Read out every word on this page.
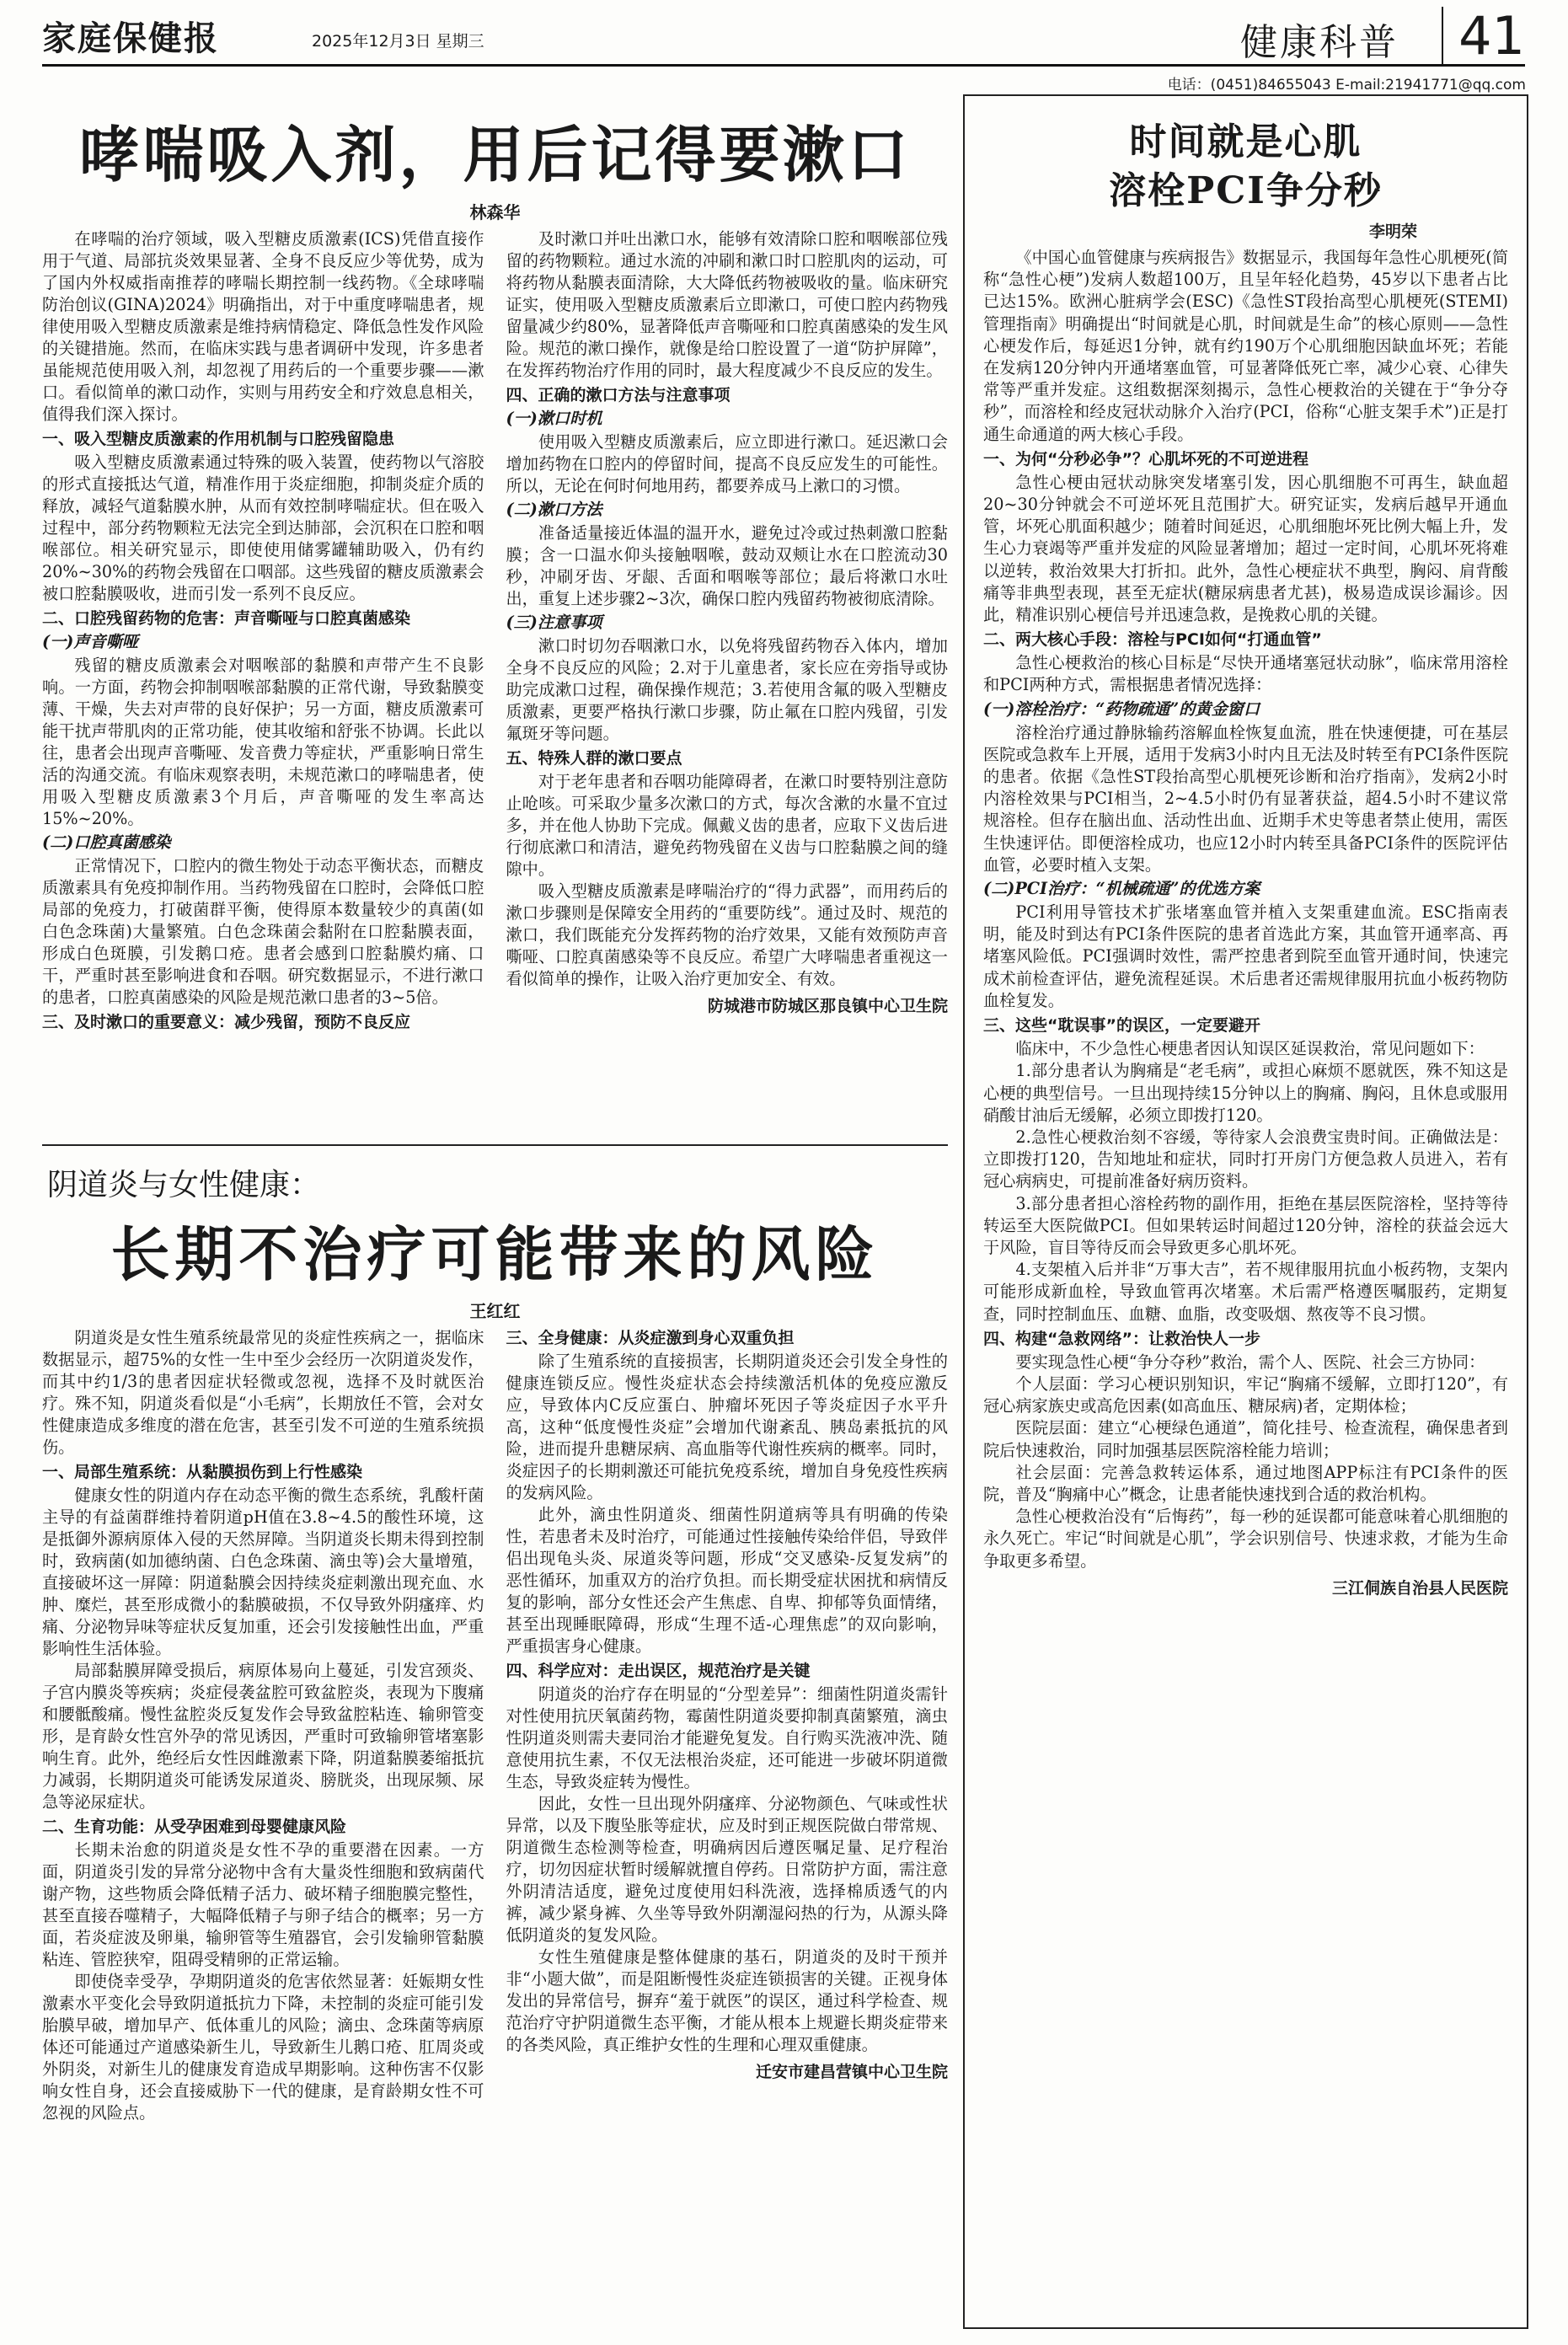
家庭保健报	2025年12月3日 星期三	健康科普	41
电话：(0451)84655043 E-mail:21941771@qq.com
哮喘吸入剂，用后记得要漱口
林森华

在哮喘的治疗领域，吸入型糖皮质激素(ICS)凭借直接作用于气道、局部抗炎效果显著、全身不良反应少等优势，成为了国内外权威指南推荐的哮喘长期控制一线药物。《全球哮喘防治创议(GINA)2024》明确指出，对于中重度哮喘患者，规律使用吸入型糖皮质激素是维持病情稳定、降低急性发作风险的关键措施。然而，在临床实践与患者调研中发现，许多患者虽能规范使用吸入剂，却忽视了用药后的一个重要步骤——漱口。看似简单的漱口动作，实则与用药安全和疗效息息相关，值得我们深入探讨。

一、吸入型糖皮质激素的作用机制与口腔残留隐患

吸入型糖皮质激素通过特殊的吸入装置，使药物以气溶胶的形式直接抵达气道，精准作用于炎症细胞，抑制炎症介质的释放，减轻气道黏膜水肿，从而有效控制哮喘症状。但在吸入过程中，部分药物颗粒无法完全到达肺部，会沉积在口腔和咽喉部位。相关研究显示，即使使用储雾罐辅助吸入，仍有约20%~30%的药物会残留在口咽部。这些残留的糖皮质激素会被口腔黏膜吸收，进而引发一系列不良反应。

二、口腔残留药物的危害：声音嘶哑与口腔真菌感染
(一)声音嘶哑

残留的糖皮质激素会对咽喉部的黏膜和声带产生不良影响。一方面，药物会抑制咽喉部黏膜的正常代谢，导致黏膜变薄、干燥，失去对声带的良好保护；另一方面，糖皮质激素可能干扰声带肌肉的正常功能，使其收缩和舒张不协调。长此以往，患者会出现声音嘶哑、发音费力等症状，严重影响日常生活的沟通交流。有临床观察表明，未规范漱口的哮喘患者，使用吸入型糖皮质激素3个月后，声音嘶哑的发生率高达15%~20%。

(二)口腔真菌感染

正常情况下，口腔内的微生物处于动态平衡状态，而糖皮质激素具有免疫抑制作用。当药物残留在口腔时，会降低口腔局部的免疫力，打破菌群平衡，使得原本数量较少的真菌(如白色念珠菌)大量繁殖。白色念珠菌会黏附在口腔黏膜表面，形成白色斑膜，引发鹅口疮。患者会感到口腔黏膜灼痛、口干，严重时甚至影响进食和吞咽。研究数据显示，不进行漱口的患者，口腔真菌感染的风险是规范漱口患者的3~5倍。

三、及时漱口的重要意义：减少残留，预防不良反应

及时漱口并吐出漱口水，能够有效清除口腔和咽喉部位残留的药物颗粒。通过水流的冲刷和漱口时口腔肌肉的运动，可将药物从黏膜表面清除，大大降低药物被吸收的量。临床研究证实，使用吸入型糖皮质激素后立即漱口，可使口腔内药物残留量减少约80%，显著降低声音嘶哑和口腔真菌感染的发生风险。规范的漱口操作，就像是给口腔设置了一道“防护屏障”，在发挥药物治疗作用的同时，最大程度减少不良反应的发生。

四、正确的漱口方法与注意事项
(一)漱口时机

使用吸入型糖皮质激素后，应立即进行漱口。延迟漱口会增加药物在口腔内的停留时间，提高不良反应发生的可能性。所以，无论在何时何地用药，都要养成马上漱口的习惯。

(二)漱口方法

准备适量接近体温的温开水，避免过冷或过热刺激口腔黏膜；含一口温水仰头接触咽喉，鼓动双颊让水在口腔流动30秒，冲刷牙齿、牙龈、舌面和咽喉等部位；最后将漱口水吐出，重复上述步骤2~3次，确保口腔内残留药物被彻底清除。

(三)注意事项

漱口时切勿吞咽漱口水，以免将残留药物吞入体内，增加全身不良反应的风险；2.对于儿童患者，家长应在旁指导或协助完成漱口过程，确保操作规范；3.若使用含氟的吸入型糖皮质激素，更要严格执行漱口步骤，防止氟在口腔内残留，引发氟斑牙等问题。

五、特殊人群的漱口要点

对于老年患者和吞咽功能障碍者，在漱口时要特别注意防止呛咳。可采取少量多次漱口的方式，每次含漱的水量不宜过多，并在他人协助下完成。佩戴义齿的患者，应取下义齿后进行彻底漱口和清洁，避免药物残留在义齿与口腔黏膜之间的缝隙中。

吸入型糖皮质激素是哮喘治疗的“得力武器”，而用药后的漱口步骤则是保障安全用药的“重要防线”。通过及时、规范的漱口，我们既能充分发挥药物的治疗效果，又能有效预防声音嘶哑、口腔真菌感染等不良反应。希望广大哮喘患者重视这一看似简单的操作，让吸入治疗更加安全、有效。

防城港市防城区那良镇中心卫生院
阴道炎与女性健康：
长期不治疗可能带来的风险
王红红

阴道炎是女性生殖系统最常见的炎症性疾病之一，据临床数据显示，超75%的女性一生中至少会经历一次阴道炎发作，而其中约1/3的患者因症状轻微或忽视，选择不及时就医治疗。殊不知，阴道炎看似是“小毛病”，长期放任不管，会对女性健康造成多维度的潜在危害，甚至引发不可逆的生殖系统损伤。

一、局部生殖系统：从黏膜损伤到上行性感染

健康女性的阴道内存在动态平衡的微生态系统，乳酸杆菌主导的有益菌群维持着阴道pH值在3.8~4.5的酸性环境，这是抵御外源病原体入侵的天然屏障。当阴道炎长期未得到控制时，致病菌(如加德纳菌、白色念珠菌、滴虫等)会大量增殖，直接破坏这一屏障：阴道黏膜会因持续炎症刺激出现充血、水肿、糜烂，甚至形成微小的黏膜破损，不仅导致外阴瘙痒、灼痛、分泌物异味等症状反复加重，还会引发接触性出血，严重影响性生活体验。

局部黏膜屏障受损后，病原体易向上蔓延，引发宫颈炎、子宫内膜炎等疾病；炎症侵袭盆腔可致盆腔炎，表现为下腹痛和腰骶酸痛。慢性盆腔炎反复发作会导致盆腔粘连、输卵管变形，是育龄女性宫外孕的常见诱因，严重时可致输卵管堵塞影响生育。此外，绝经后女性因雌激素下降，阴道黏膜萎缩抵抗力减弱，长期阴道炎可能诱发尿道炎、膀胱炎，出现尿频、尿急等泌尿症状。

二、生育功能：从受孕困难到母婴健康风险

长期未治愈的阴道炎是女性不孕的重要潜在因素。一方面，阴道炎引发的异常分泌物中含有大量炎性细胞和致病菌代谢产物，这些物质会降低精子活力、破坏精子细胞膜完整性，甚至直接吞噬精子，大幅降低精子与卵子结合的概率；另一方面，若炎症波及卵巢，输卵管等生殖器官，会引发输卵管黏膜粘连、管腔狭窄，阻碍受精卵的正常运输。

即使侥幸受孕，孕期阴道炎的危害依然显著：妊娠期女性激素水平变化会导致阴道抵抗力下降，未控制的炎症可能引发胎膜早破，增加早产、低体重儿的风险；滴虫、念珠菌等病原体还可能通过产道感染新生儿，导致新生儿鹅口疮、肛周炎或外阴炎，对新生儿的健康发育造成早期影响。这种伤害不仅影响女性自身，还会直接威胁下一代的健康，是育龄期女性不可忽视的风险点。

三、全身健康：从炎症激到身心双重负担

除了生殖系统的直接损害，长期阴道炎还会引发全身性的健康连锁反应。慢性炎症状态会持续激活机体的免疫应激反应，导致体内C反应蛋白、肿瘤坏死因子等炎症因子水平升高，这种“低度慢性炎症”会增加代谢紊乱、胰岛素抵抗的风险，进而提升患糖尿病、高血脂等代谢性疾病的概率。同时，炎症因子的长期刺激还可能抗免疫系统，增加自身免疫性疾病的发病风险。

此外，滴虫性阴道炎、细菌性阴道病等具有明确的传染性，若患者未及时治疗，可能通过性接触传染给伴侣，导致伴侣出现龟头炎、尿道炎等问题，形成“交叉感染-反复发病”的恶性循环，加重双方的治疗负担。而长期受症状困扰和病情反复的影响，部分女性还会产生焦虑、自卑、抑郁等负面情绪，甚至出现睡眠障碍，形成“生理不适-心理焦虑”的双向影响，严重损害身心健康。

四、科学应对：走出误区，规范治疗是关键

阴道炎的治疗存在明显的“分型差异”：细菌性阴道炎需针对性使用抗厌氧菌药物，霉菌性阴道炎要抑制真菌繁殖，滴虫性阴道炎则需夫妻同治才能避免复发。自行购买洗液冲洗、随意使用抗生素，不仅无法根治炎症，还可能进一步破坏阴道微生态，导致炎症转为慢性。

因此，女性一旦出现外阴瘙痒、分泌物颜色、气味或性状异常，以及下腹坠胀等症状，应及时到正规医院做白带常规、阴道微生态检测等检查，明确病因后遵医嘱足量、足疗程治疗，切勿因症状暂时缓解就擅自停药。日常防护方面，需注意外阴清洁适度，避免过度使用妇科洗液，选择棉质透气的内裤，减少紧身裤、久坐等导致外阴潮湿闷热的行为，从源头降低阴道炎的复发风险。

女性生殖健康是整体健康的基石，阴道炎的及时干预并非“小题大做”，而是阻断慢性炎症连锁损害的关键。正视身体发出的异常信号，摒弃“羞于就医”的误区，通过科学检查、规范治疗守护阴道微生态平衡，才能从根本上规避长期炎症带来的各类风险，真正维护女性的生理和心理双重健康。

迁安市建昌营镇中心卫生院
时间就是心肌
溶栓PCI争分秒
李明荣

《中国心血管健康与疾病报告》数据显示，我国每年急性心肌梗死(简称“急性心梗”)发病人数超100万，且呈年轻化趋势，45岁以下患者占比已达15%。欧洲心脏病学会(ESC)《急性ST段抬高型心肌梗死(STEMI)管理指南》明确提出“时间就是心肌，时间就是生命”的核心原则——急性心梗发作后，每延迟1分钟，就有约190万个心肌细胞因缺血坏死；若能在发病120分钟内开通堵塞血管，可显著降低死亡率，减少心衰、心律失常等严重并发症。这组数据深刻揭示，急性心梗救治的关键在于“争分夺秒”，而溶栓和经皮冠状动脉介入治疗(PCI，俗称“心脏支架手术”)正是打通生命通道的两大核心手段。

一、为何“分秒必争”？心肌坏死的不可逆进程

急性心梗由冠状动脉突发堵塞引发，因心肌细胞不可再生，缺血超20~30分钟就会不可逆坏死且范围扩大。研究证实，发病后越早开通血管，坏死心肌面积越少；随着时间延迟，心肌细胞坏死比例大幅上升，发生心力衰竭等严重并发症的风险显著增加；超过一定时间，心肌坏死将难以逆转，救治效果大打折扣。此外，急性心梗症状不典型，胸闷、肩背酸痛等非典型表现，甚至无症状(糖尿病患者尤甚)，极易造成误诊漏诊。因此，精准识别心梗信号并迅速急救，是挽救心肌的关键。

二、两大核心手段：溶栓与PCI如何“打通血管”

急性心梗救治的核心目标是“尽快开通堵塞冠状动脉”，临床常用溶栓和PCI两种方式，需根据患者情况选择：

(一)溶栓治疗：“药物疏通”的黄金窗口

溶栓治疗通过静脉输药溶解血栓恢复血流，胜在快速便捷，可在基层医院或急救车上开展，适用于发病3小时内且无法及时转至有PCI条件医院的患者。依据《急性ST段抬高型心肌梗死诊断和治疗指南》，发病2小时内溶栓效果与PCI相当，2~4.5小时仍有显著获益，超4.5小时不建议常规溶栓。但存在脑出血、活动性出血、近期手术史等患者禁止使用，需医生快速评估。即便溶栓成功，也应12小时内转至具备PCI条件的医院评估血管，必要时植入支架。

(二)PCI治疗：“机械疏通”的优选方案

PCI利用导管技术扩张堵塞血管并植入支架重建血流。ESC指南表明，能及时到达有PCI条件医院的患者首选此方案，其血管开通率高、再堵塞风险低。PCI强调时效性，需严控患者到院至血管开通时间，快速完成术前检查评估，避免流程延误。术后患者还需规律服用抗血小板药物防血栓复发。

三、这些“耽误事”的误区，一定要避开

临床中，不少急性心梗患者因认知误区延误救治，常见问题如下：

1.部分患者认为胸痛是“老毛病”，或担心麻烦不愿就医，殊不知这是心梗的典型信号。一旦出现持续15分钟以上的胸痛、胸闷，且休息或服用硝酸甘油后无缓解，必须立即拨打120。

2.急性心梗救治刻不容缓，等待家人会浪费宝贵时间。正确做法是：立即拨打120，告知地址和症状，同时打开房门方便急救人员进入，若有冠心病病史，可提前准备好病历资料。

3.部分患者担心溶栓药物的副作用，拒绝在基层医院溶栓，坚持等待转运至大医院做PCI。但如果转运时间超过120分钟，溶栓的获益会远大于风险，盲目等待反而会导致更多心肌坏死。

4.支架植入后并非“万事大吉”，若不规律服用抗血小板药物，支架内可能形成新血栓，导致血管再次堵塞。术后需严格遵医嘱服药，定期复查，同时控制血压、血糖、血脂，改变吸烟、熬夜等不良习惯。

四、构建“急救网络”：让救治快人一步

要实现急性心梗“争分夺秒”救治，需个人、医院、社会三方协同：

个人层面：学习心梗识别知识，牢记“胸痛不缓解，立即打120”，有冠心病家族史或高危因素(如高血压、糖尿病)者，定期体检；

医院层面：建立“心梗绿色通道”，简化挂号、检查流程，确保患者到院后快速救治，同时加强基层医院溶栓能力培训；

社会层面：完善急救转运体系，通过地图APP标注有PCI条件的医院，普及“胸痛中心”概念，让患者能快速找到合适的救治机构。

急性心梗救治没有“后悔药”，每一秒的延误都可能意味着心肌细胞的永久死亡。牢记“时间就是心肌”，学会识别信号、快速求救，才能为生命争取更多希望。

三江侗族自治县人民医院
